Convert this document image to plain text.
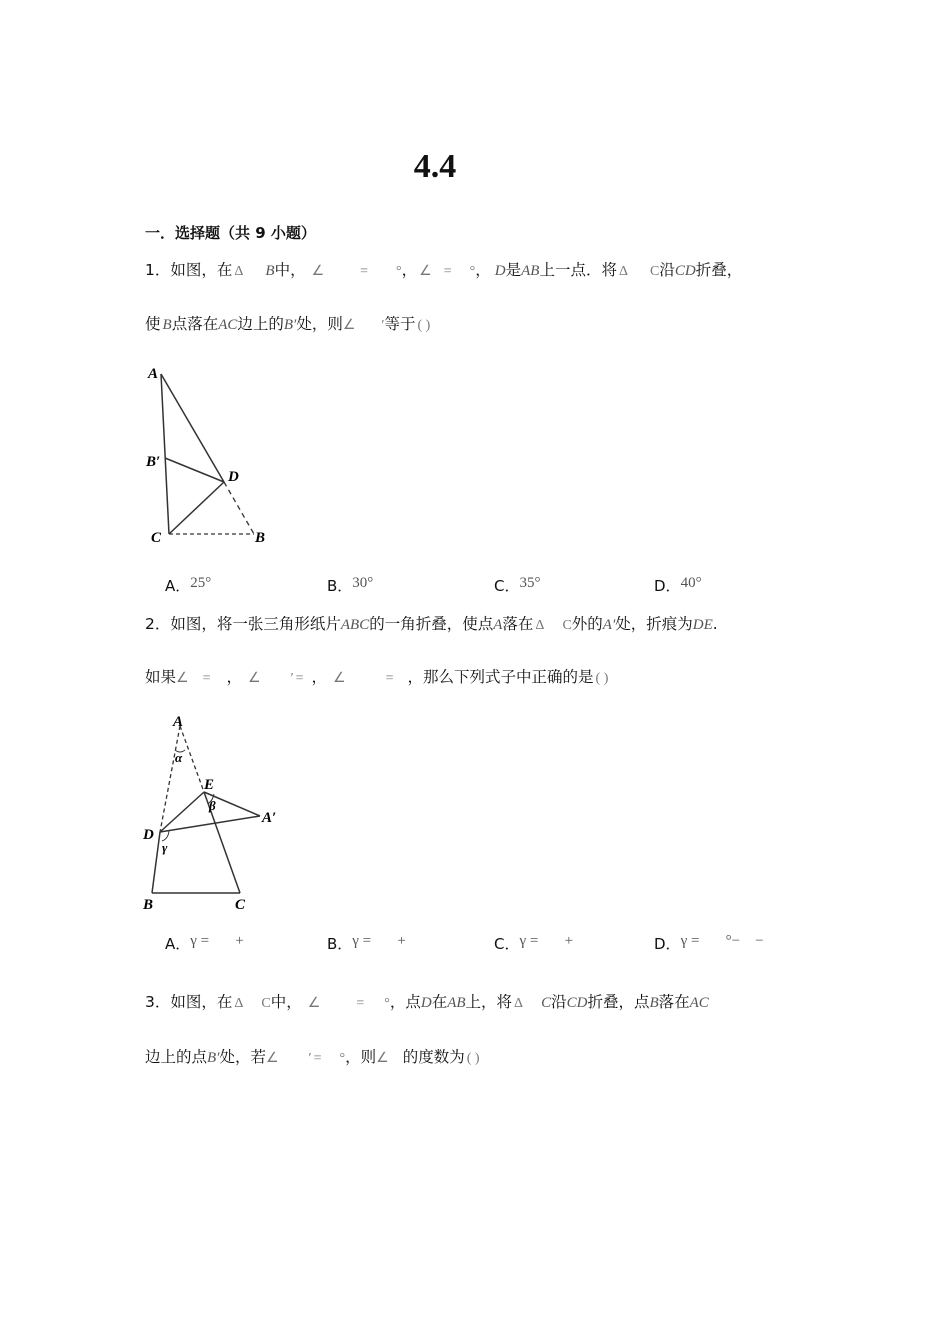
4.4
一．选择题（共 9 小题）
1．如图，在 Δ B中， ∠	= °， ∠ = °， D是AB上一点．将 Δ C沿CD折叠，
使 B点落在AC边上的B′处，则∠ ′等于 ( )
A
B′
D
C	B
A．25°	B．30°	C．35°	D．40°
2．如图，将一张三角形纸片ABC的一角折叠，使点A落在 Δ C外的A′处，折痕为DE.
如果∠ = ， ∠ ′ = ， ∠	= ，那么下列式子中正确的是 ( )
A
α
E
β
A′
D
γ
B	C
A．γ =       +	B．γ =       +	C．γ =       +	D．γ =       °−    −
3．如图，在 Δ C中， ∠	= °，点D在AB上，将 Δ C沿CD折叠，点B落在AC
边上的点B′处，若∠ ′ = °，则∠ 的度数为 ( )
